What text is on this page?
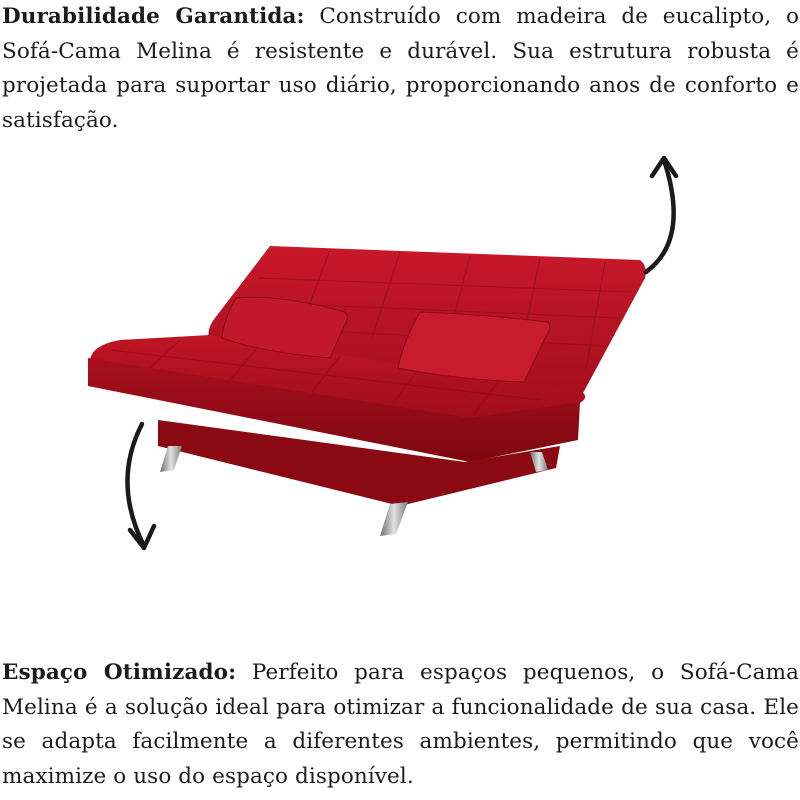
Durabilidade Garantida: Construído com madeira de eucalipto, o Sofá-Cama Melina é resistente e durável. Sua estrutura robusta é projetada para suportar uso diário, proporcionando anos de conforto e satisfação.
Espaço Otimizado: Perfeito para espaços pequenos, o Sofá-Cama Melina é a solução ideal para otimizar a funcionalidade de sua casa. Ele se adapta facilmente a diferentes ambientes, permitindo que você maximize o uso do espaço disponível.
